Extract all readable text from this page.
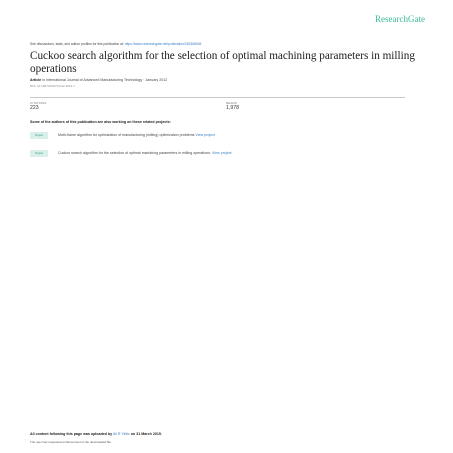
ResearchGate
See discussions, stats, and author profiles for this publication at: https://www.researchgate.net/publication/263368945
Cuckoo search algorithm for the selection of optimal machining parameters in milling operations
Article in International Journal of Advanced Manufacturing Technology · January 2012
DOI: 10.1007/s00170-012-4013-7
CITATIONS
223
READS
1,978
Some of the authors of this publication are also working on these related projects:
Project	Moth-flame algorithm for optimization of manufacturing (milling) optimization problems View project
Project	Cuckoo search algorithm for the selection of optimal machining parameters in milling operations. View project
All content following this page was uploaded by Ali R Yildiz on 31 March 2015.
The user has requested enhancement of the downloaded file.
